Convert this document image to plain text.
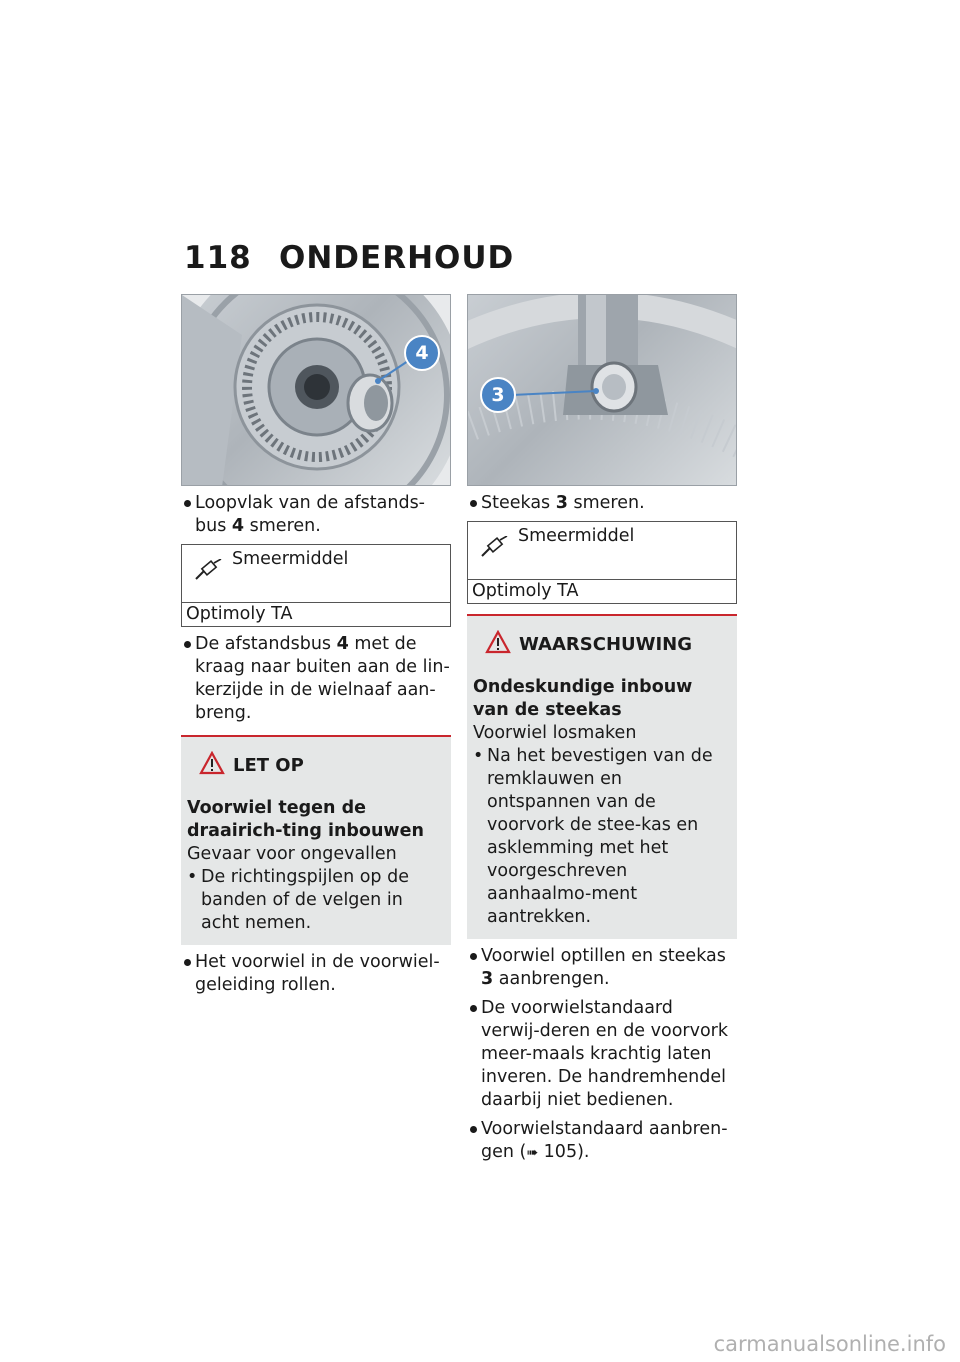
118 ONDERHOUD
4
Loopvlak van de afstands-bus 4 smeren.
Smeermiddel
Optimoly TA
De afstandsbus 4 met de kraag naar buiten aan de lin-kerzijde in de wielnaaf aan-breng.
LET OP
Voorwiel tegen de draairich-ting inbouwen
Gevaar voor ongevallen
• De richtingspijlen op de banden of de velgen in acht nemen.
Het voorwiel in de voorwiel-geleiding rollen.
3
Steekas 3 smeren.
Smeermiddel
Optimoly TA
WAARSCHUWING
Ondeskundige inbouw van de steekas
Voorwiel losmaken
• Na het bevestigen van de remklauwen en ontspannen van de voorvork de stee-kas en asklemming met het voorgeschreven aanhaalmo-ment aantrekken.
Voorwiel optillen en steekas 3 aanbrengen.
De voorwielstandaard verwij-deren en de voorvork meer-maals krachtig laten inveren. De handremhendel daarbij niet bedienen.
Voorwielstandaard aanbren-gen (➠ 105).
carmanualsonline.info
